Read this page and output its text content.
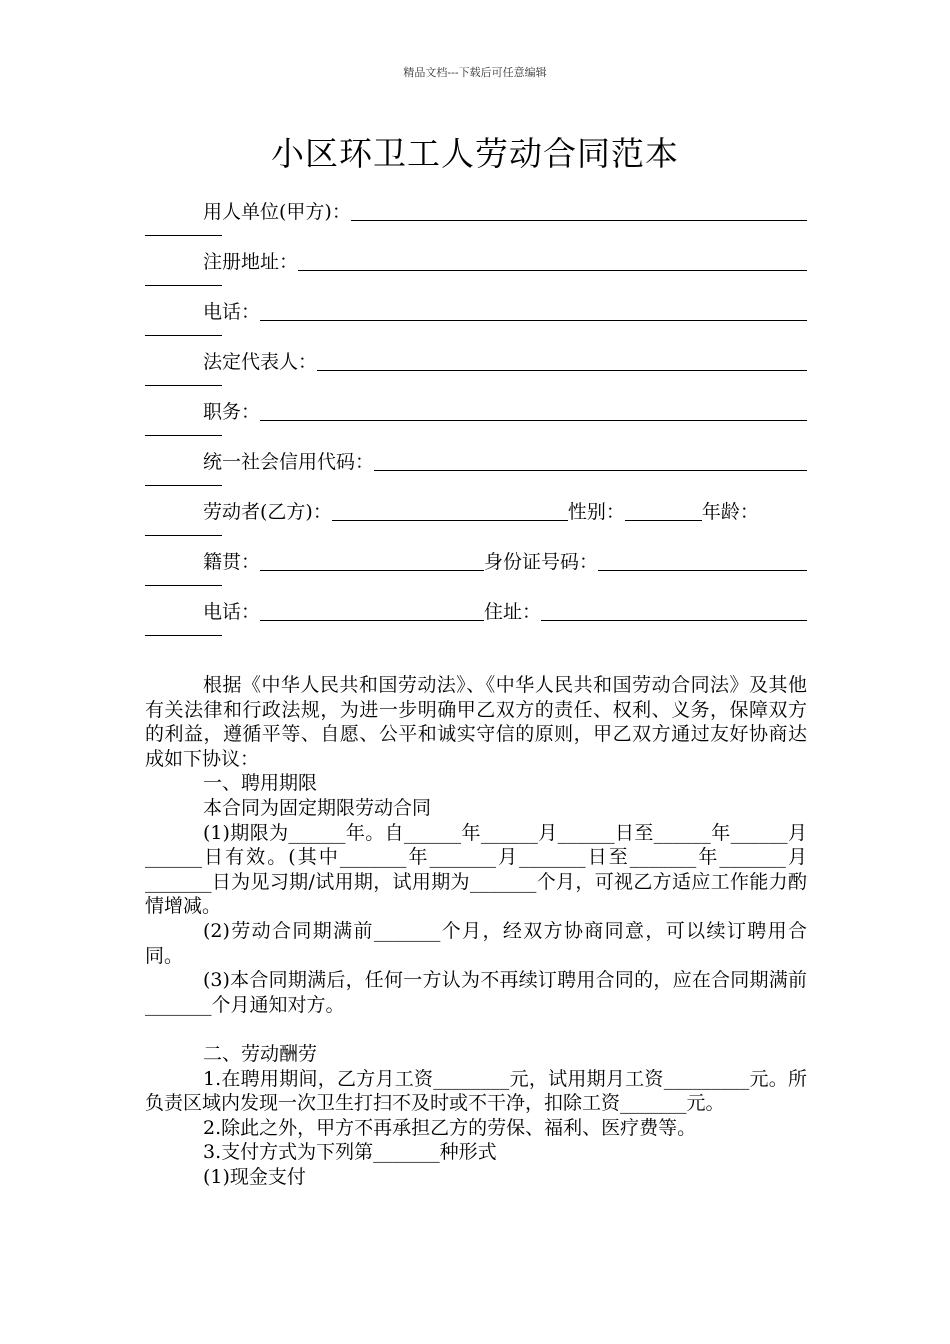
精品文档---下载后可任意编辑
小区环卫工人劳动合同范本
用人单位(甲方)：
注册地址：
电话：
法定代表人：
职务：
统一社会信用代码：
劳动者(乙方)：	性别：	年龄：
籍贯：	身份证号码：
电话：	住址：

根据《中华人民共和国劳动法》、《中华人民共和国劳动合同法》及其他有关法律和行政法规，为进一步明确甲乙双方的责任、权利、义务，保障双方的利益，遵循平等、自愿、公平和诚实守信的原则，甲乙双方通过友好协商达成如下协议：

一、聘用期限

本合同为固定期限劳动合同

(1)期限为______年。自______年______月______日至______年______月______日有效。(其中_______年_______月_______日至_______年_______月_______日为见习期/试用期，试用期为_______个月，可视乙方适应工作能力酌情增减。

(2)劳动合同期满前_______个月，经双方协商同意，可以续订聘用合同。

(3)本合同期满后，任何一方认为不再续订聘用合同的，应在合同期满前_______个月通知对方。

二、劳动酬劳

1.在聘用期间，乙方月工资________元，试用期月工资_________元。所负责区域内发现一次卫生打扫不及时或不干净，扣除工资_______元。

2.除此之外，甲方不再承担乙方的劳保、福利、医疗费等。

3.支付方式为下列第_______种形式

(1)现金支付
